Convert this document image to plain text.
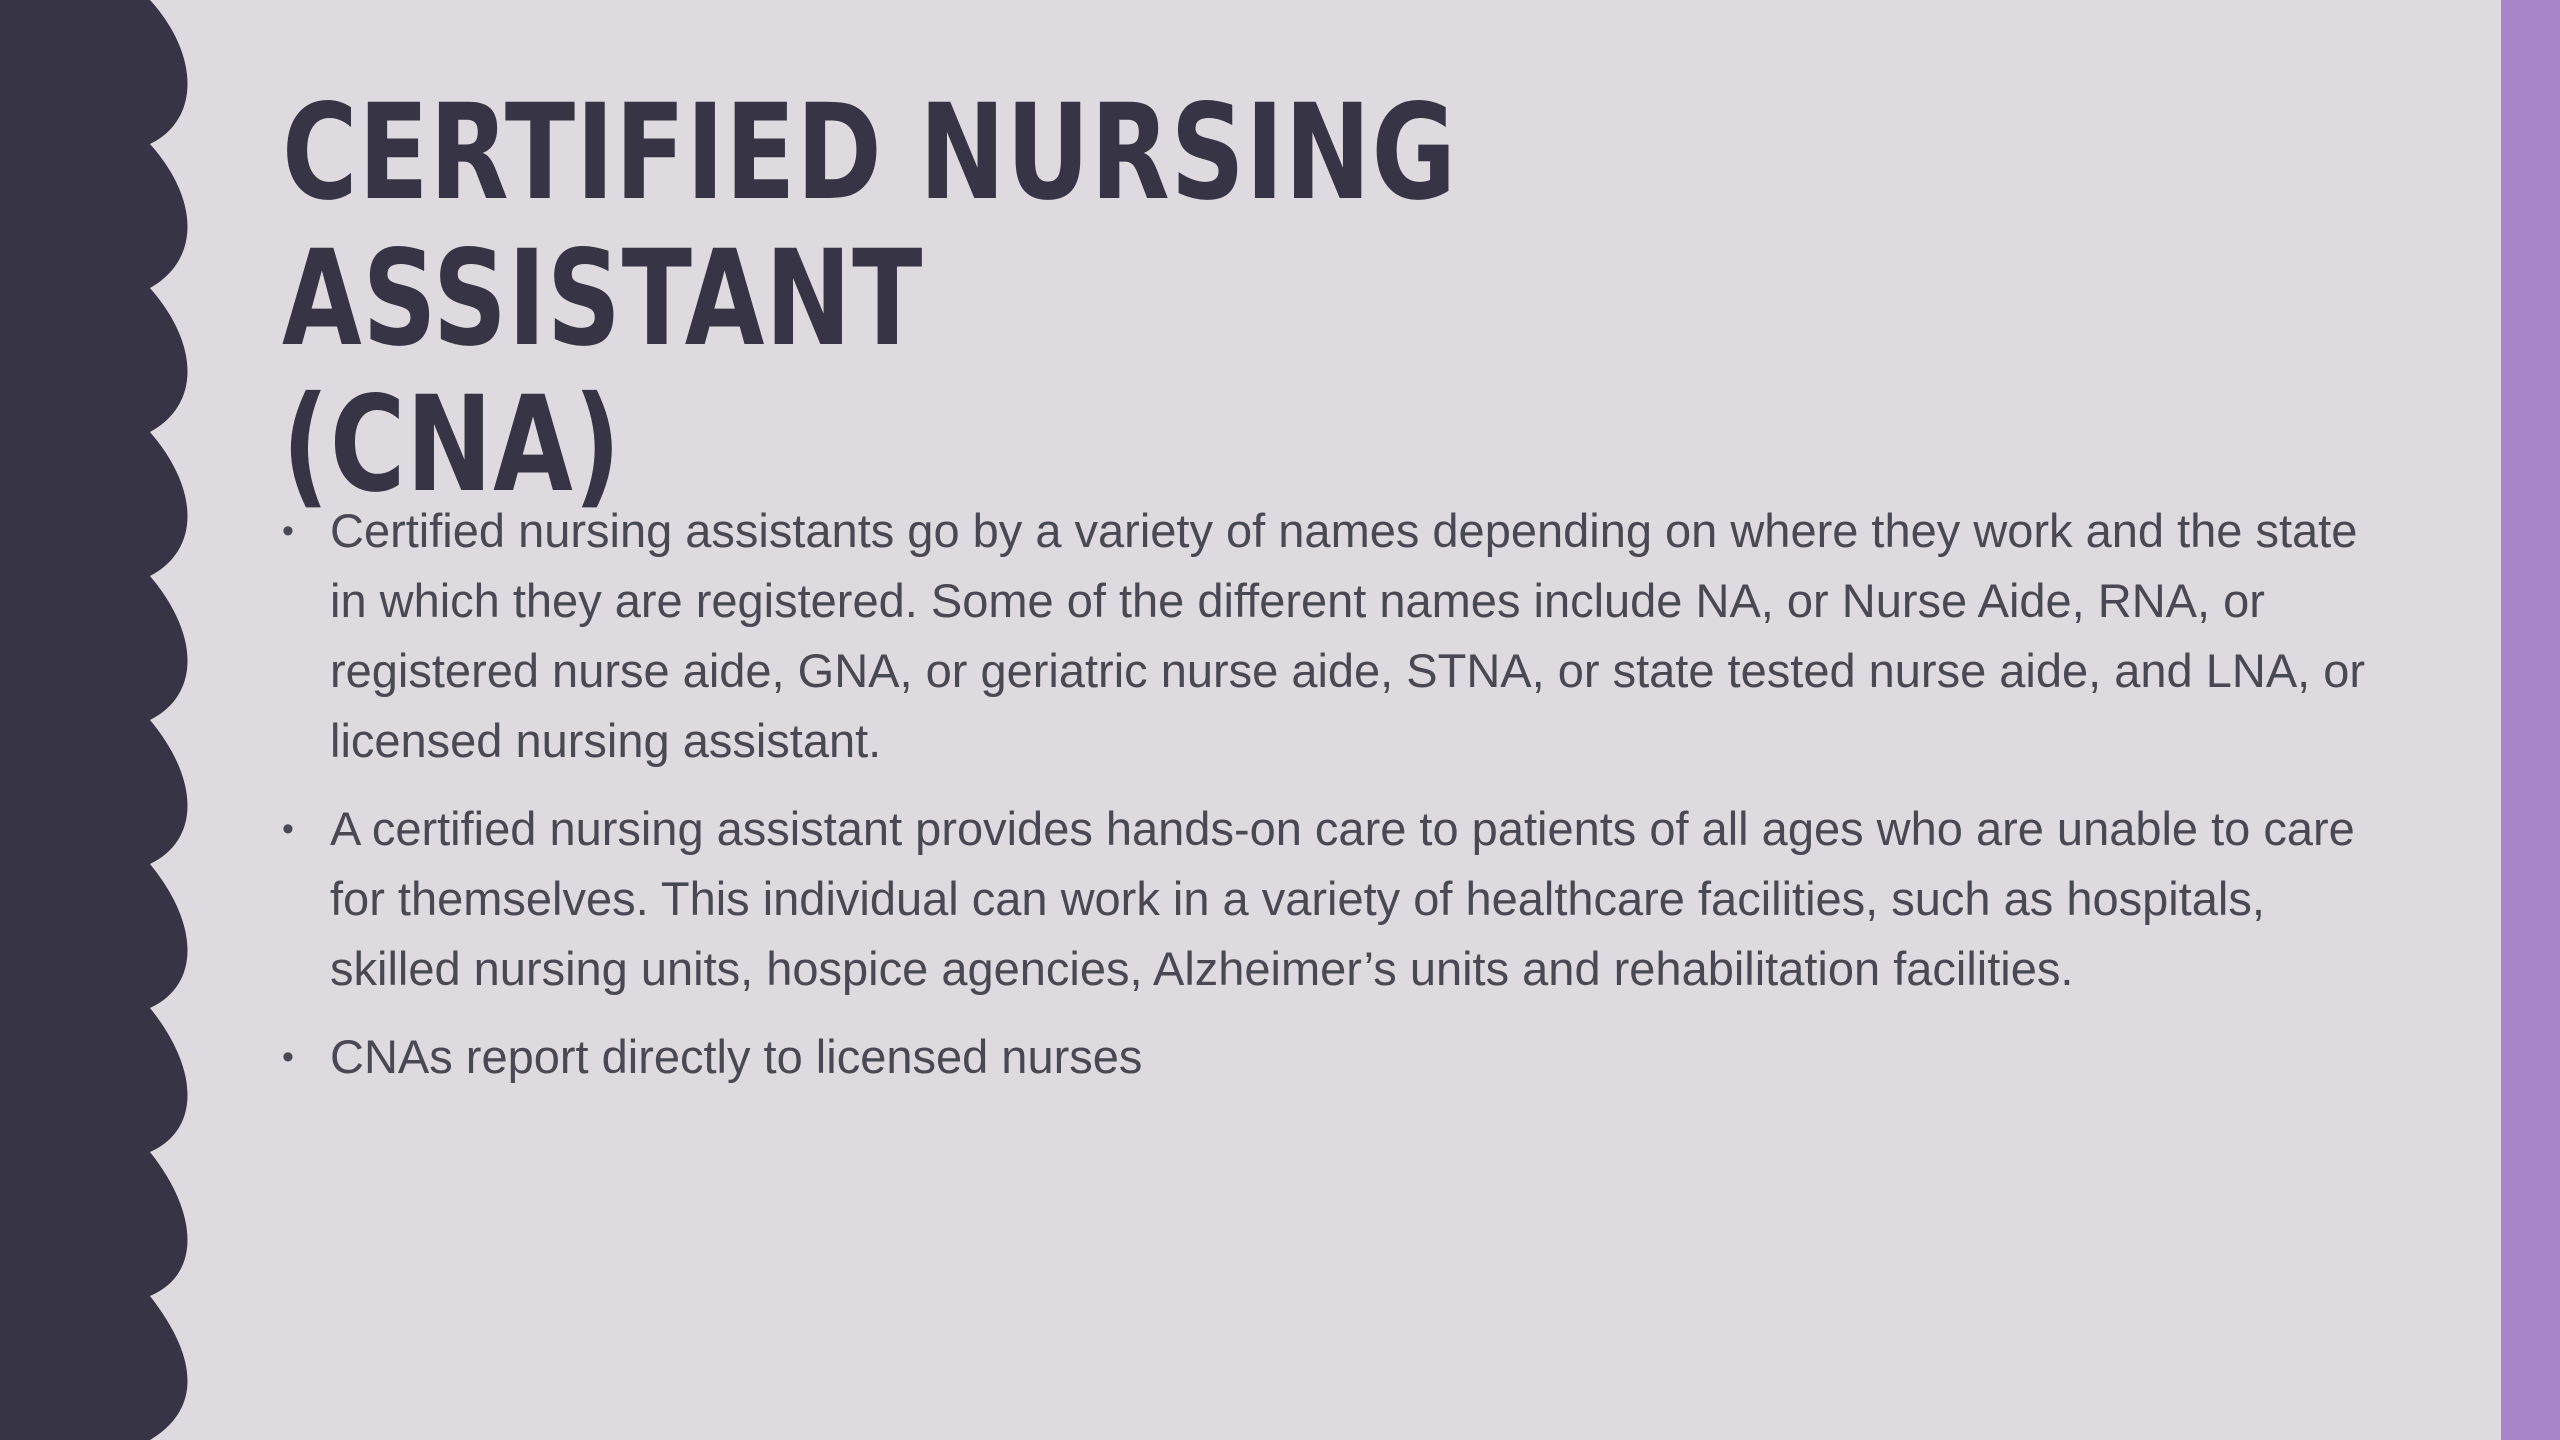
CERTIFIED NURSING ASSISTANT
(CNA)
• Certified nursing assistants go by a variety of names depending on where they work and the state in which they are registered. Some of the different names include NA, or Nurse Aide, RNA, or registered nurse aide, GNA, or geriatric nurse aide, STNA, or state tested nurse aide, and LNA, or licensed nursing assistant.
• A certified nursing assistant provides hands-on care to patients of all ages who are unable to care for themselves. This individual can work in a variety of healthcare facilities, such as hospitals, skilled nursing units, hospice agencies, Alzheimer’s units and rehabilitation facilities.
• CNAs report directly to licensed nurses
